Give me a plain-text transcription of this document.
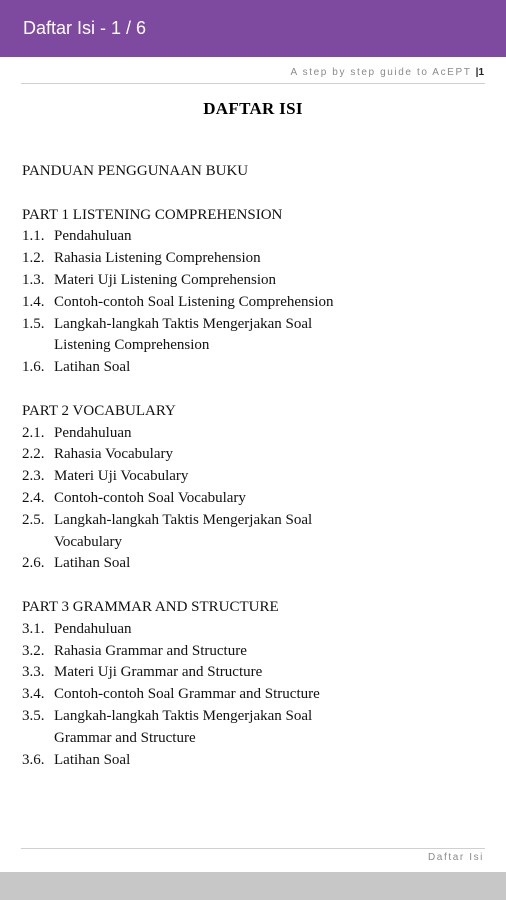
Daftar Isi - 1 / 6
A step by step guide to AcEPT |1
DAFTAR ISI
PANDUAN PENGGUNAAN BUKU
PART 1 LISTENING COMPREHENSION
1.1. Pendahuluan
1.2. Rahasia Listening Comprehension
1.3. Materi Uji Listening Comprehension
1.4. Contoh-contoh Soal Listening Comprehension
1.5. Langkah-langkah Taktis Mengerjakan Soal Listening Comprehension
1.6. Latihan Soal
PART 2 VOCABULARY
2.1. Pendahuluan
2.2. Rahasia Vocabulary
2.3. Materi Uji Vocabulary
2.4. Contoh-contoh Soal Vocabulary
2.5. Langkah-langkah Taktis Mengerjakan Soal Vocabulary
2.6. Latihan Soal
PART 3 GRAMMAR AND STRUCTURE
3.1. Pendahuluan
3.2. Rahasia Grammar and Structure
3.3. Materi Uji Grammar and Structure
3.4. Contoh-contoh Soal Grammar and Structure
3.5. Langkah-langkah Taktis Mengerjakan Soal Grammar and Structure
3.6. Latihan Soal
Daftar Isi
